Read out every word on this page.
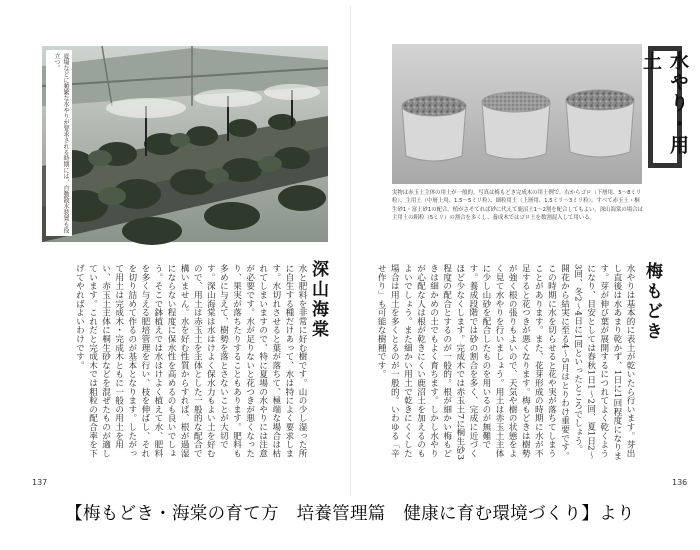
夏場などに頻繁な水やりが要求される時期には、自動散水装置も役立つ。
深山海棠
水と肥料を非常に好む樹です。山の少し湿った所に自生する種だけあって、水は特によく要求します。水切れさせると葉が落ちて、極端な場合は枯れてしまいますので、特に夏場の水やりには注意が必要です。水が足りないと花つきが悪くなったり、果実が落ちたりすることもあります。肥料も多めに与えて、樹勢を落とさないことが大切です。深山海棠は水はけよく保水力もよい土を好むので、用土は赤玉土を主体とした一般的な配合で構いません。水を好む性質からすれば、根が過湿にならない程度に保水性を高めるのも良いでしょう。そこで鉢植えでは水はけよく植えて水、肥料を多く与える肥培管理を行い、枝を伸ばし、それを切り詰めて作るのが基本となります。したがって用土は完成木・完成木ともに一般の用土を用い、赤玉土主体に桐生砂などを混ぜたものが適しています。これだと完成木では粗粒の配合率を下げてやればよいわけです。
137
実物は赤玉土主体の用土が一般的。写真は梅もどき完成木の用土例で、右からゴロ（下層用、5～8ミリ粒）、主用土（中層上用、1.5～5ミリ粒）、細粒用土（上層用、1.5ミリ～3ミリ粒）。すべて赤玉土・桐生砂1・富士砂1の配合。植がさそてれば砂に代えて鹿沼土1～2割を配合してもよい。深山海棠の場合は主用土の粗粒（5ミリ）の割合を多くし、養成木ではゴロ土を数割混入して用いる。
水やり・用土
梅もどき
水やりは基本的に表土が乾いたら行います。芽出し直後は水あまり乾かず、1日に1回程度になります。芽が伸び葉が展開するにつれてよく乾くようになり、目安としては春秋1日1～2回、夏1日2～3回、冬2～4日に1回といったところでしょう。開花から結実に至る4～5月はとりわけ重要です。この時期に水を切らせると花や実が落ちてしまうことがあります。また、花芽形成の時期に水が不足すると花つきが悪くなります。梅もどきは樹勢が強く根の張りもよいので、天気や樹の状態をよく見て水やりを行いましょう。用土は赤玉土主体に少し山砂を配合したものを用いるのが無難です。養成段階では砂の割合を多く、完成に近づくほど少なくします。完成木では赤玉土7に桐生砂3程度の配合とするのが一般的。根が細かい梅もどきは細かめの土でもよく育ちます。しかし水やりが心配な人は根が乾きにくい鹿沼土を加えるのもよいでしょう。また細かい用土で乾きにくくした場合は用土を多くとるのが一般的。いわゆる「辛せ作り」も可能な樹種です。
136
【梅もどき・海棠の育て方　培養管理篇　健康に育む環境づくり】より
